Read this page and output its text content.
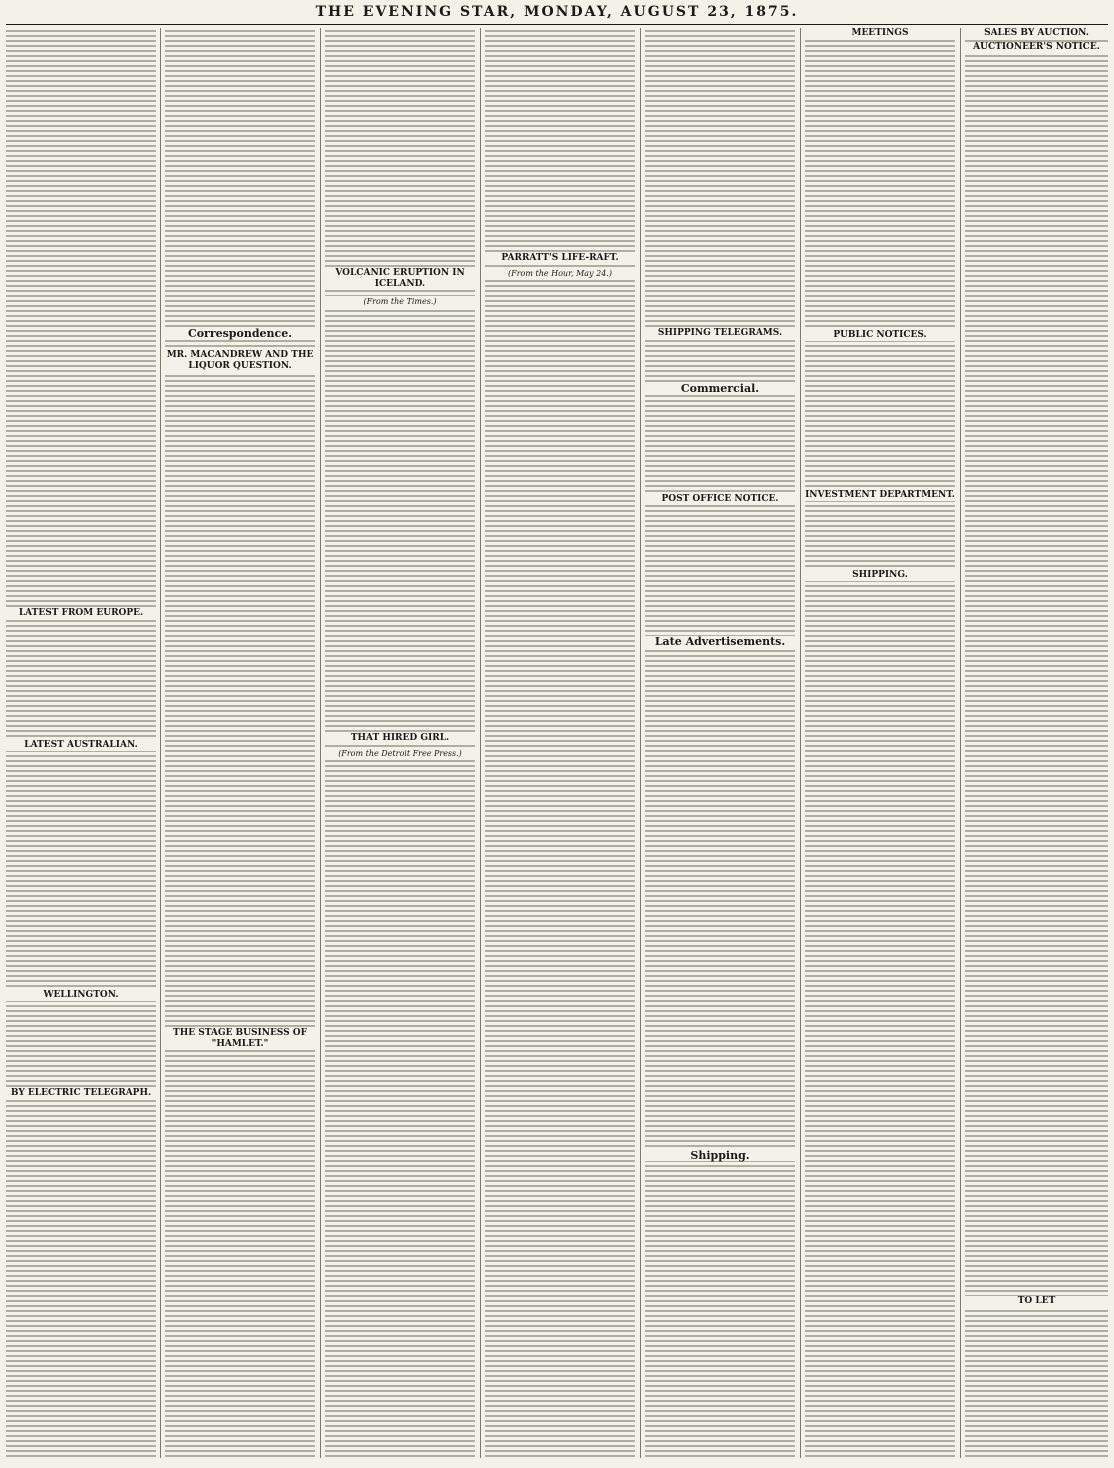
THE EVENING STAR, MONDAY, AUGUST 23, 1875.
LATEST FROM EUROPE.
LATEST AUSTRALIAN.
WELLINGTON.
BY ELECTRIC TELEGRAPH.
Correspondence.
MR. MACANDREW AND THE LIQUOR QUESTION.
THE STAGE BUSINESS OF "HAMLET."
VOLCANIC ERUPTION IN ICELAND.
(From the Times.)
THAT HIRED GIRL.
(From the Detroit Free Press.)
PARRATT'S LIFE-RAFT.
(From the Hour, May 24.)
SHIPPING TELEGRAMS.
Commercial.
POST OFFICE NOTICE.
Late Advertisements.
Shipping.
MEETINGS
PUBLIC NOTICES.
INVESTMENT DEPARTMENT.
SHIPPING.
SALES BY AUCTION.
AUCTIONEER'S NOTICE.
TO LET
